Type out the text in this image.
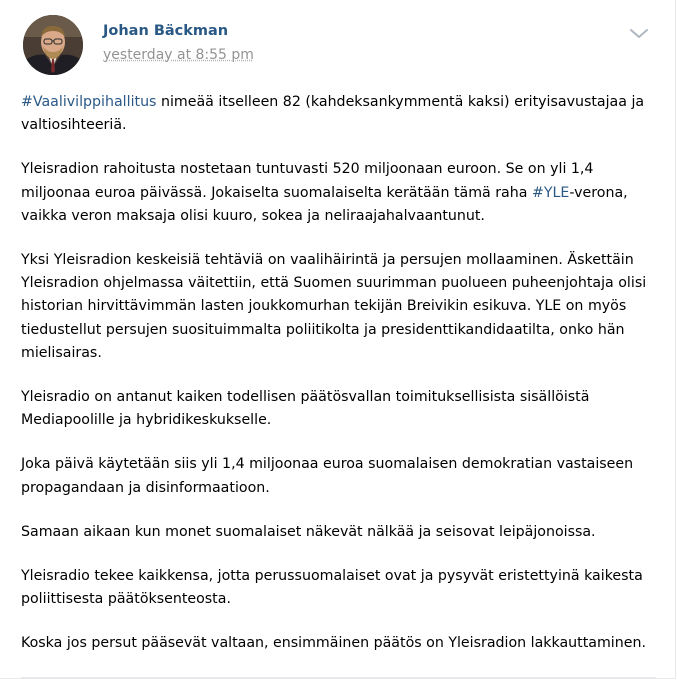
Johan Bäckman
yesterday at 8:55 pm

#Vaalivilppihallitus nimeää itselleen 82 (kahdeksankymmentä kaksi) erityisavustajaa ja
valtiosihteeriä.

Yleisradion rahoitusta nostetaan tuntuvasti 520 miljoonaan euroon. Se on yli 1,4
miljoonaa euroa päivässä. Jokaiselta suomalaiselta kerätään tämä raha #YLE-verona,
vaikka veron maksaja olisi kuuro, sokea ja neliraajahalvaantunut.

Yksi Yleisradion keskeisiä tehtäviä on vaalihäirintä ja persujen mollaaminen. Äskettäin
Yleisradion ohjelmassa väitettiin, että Suomen suurimman puolueen puheenjohtaja olisi
historian hirvittävimmän lasten joukkomurhan tekijän Breivikin esikuva. YLE on myös
tiedustellut persujen suosituimmalta poliitikolta ja presidenttikandidaatilta, onko hän
mielisairas.

Yleisradio on antanut kaiken todellisen päätösvallan toimituksellisista sisällöistä
Mediapoolille ja hybridikeskukselle.

Joka päivä käytetään siis yli 1,4 miljoonaa euroa suomalaisen demokratian vastaiseen
propagandaan ja disinformaatioon.

Samaan aikaan kun monet suomalaiset näkevät nälkää ja seisovat leipäjonoissa.

Yleisradio tekee kaikkensa, jotta perussuomalaiset ovat ja pysyvät eristettyinä kaikesta
poliittisesta päätöksenteosta.

Koska jos persut pääsevät valtaan, ensimmäinen päätös on Yleisradion lakkauttaminen.
